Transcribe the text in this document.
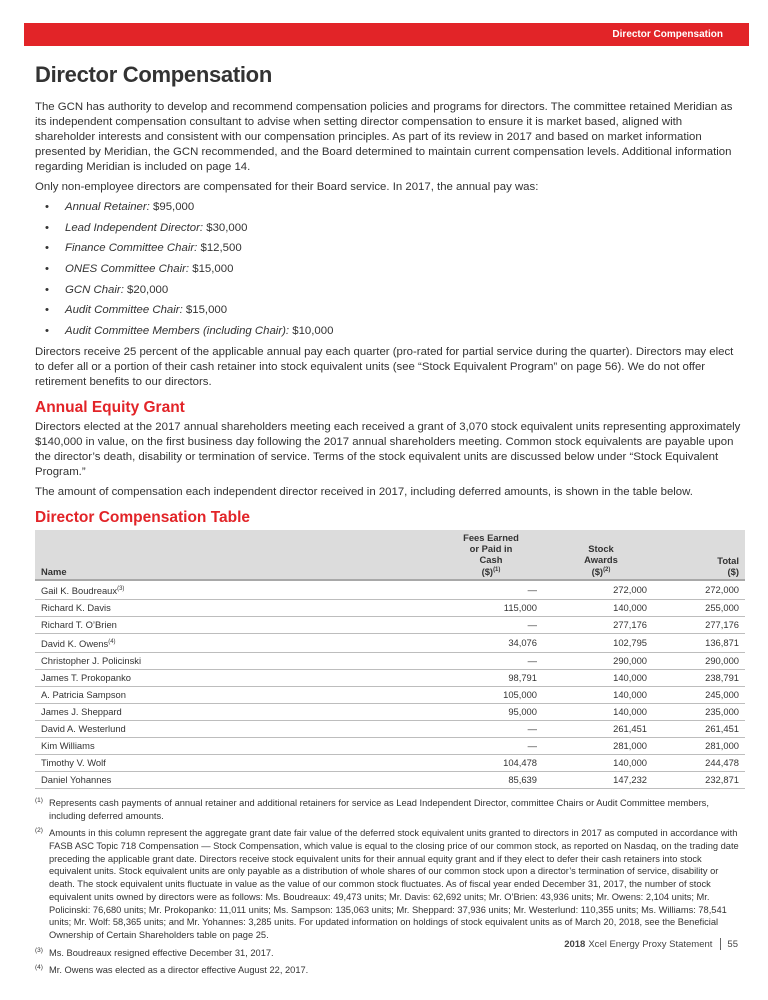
Director Compensation
Director Compensation

The GCN has authority to develop and recommend compensation policies and programs for directors. The committee retained Meridian as its independent compensation consultant to advise when setting director compensation to ensure it is market based, aligned with shareholder interests and consistent with our compensation principles. As part of its review in 2017 and based on market information presented by Meridian, the GCN recommended, and the Board determined to maintain current compensation levels. Additional information regarding Meridian is included on page 14.

Only non-employee directors are compensated for their Board service. In 2017, the annual pay was:

• Annual Retainer: $95,000
• Lead Independent Director: $30,000
• Finance Committee Chair: $12,500
• ONES Committee Chair: $15,000
• GCN Chair: $20,000
• Audit Committee Chair: $15,000
• Audit Committee Members (including Chair): $10,000

Directors receive 25 percent of the applicable annual pay each quarter (pro-rated for partial service during the quarter). Directors may elect to defer all or a portion of their cash retainer into stock equivalent units (see “Stock Equivalent Program” on page 56). We do not offer retirement benefits to our directors.

Annual Equity Grant

Directors elected at the 2017 annual shareholders meeting each received a grant of 3,070 stock equivalent units representing approximately $140,000 in value, on the first business day following the 2017 annual shareholders meeting. Common stock equivalents are payable upon the director’s death, disability or termination of service. Terms of the stock equivalent units are discussed below under “Stock Equivalent Program.”

The amount of compensation each independent director received in 2017, including deferred amounts, is shown in the table below.

Director Compensation Table
Name	Fees Earned
or Paid in
Cash
($)$^{(1)}$	Stock
Awards
($)$^{(2)}$	Total
($)
Gail K. Boudreaux$^{(3)}$	—	272,000	272,000
Richard K. Davis	115,000	140,000	255,000
Richard T. O’Brien	—	277,176	277,176
David K. Owens$^{(4)}$	34,076	102,795	136,871
Christopher J. Policinski	—	290,000	290,000
James T. Prokopanko	98,791	140,000	238,791
A. Patricia Sampson	105,000	140,000	245,000
James J. Sheppard	95,000	140,000	235,000
David A. Westerlund	—	261,451	261,451
Kim Williams	—	281,000	281,000
Timothy V. Wolf	104,478	140,000	244,478
Daniel Yohannes	85,639	147,232	232,871
(1) Represents cash payments of annual retainer and additional retainers for service as Lead Independent Director, committee Chairs or Audit Committee members, including deferred amounts.
(2) Amounts in this column represent the aggregate grant date fair value of the deferred stock equivalent units granted to directors in 2017 as computed in accordance with FASB ASC Topic 718 Compensation — Stock Compensation, which value is equal to the closing price of our common stock, as reported on Nasdaq, on the trading date preceding the applicable grant date. Directors receive stock equivalent units for their annual equity grant and if they elect to defer their cash retainers into stock equivalent units. Stock equivalent units are only payable as a distribution of whole shares of our common stock upon a director’s termination of service, disability or death. The stock equivalent units fluctuate in value as the value of our common stock fluctuates. As of fiscal year ended December 31, 2017, the number of stock equivalent units owned by directors were as follows: Ms. Boudreaux: 49,473 units; Mr. Davis: 62,692 units; Mr. O’Brien: 43,936 units; Mr. Owens: 2,104 units; Mr. Policinski: 76,680 units; Mr. Prokopanko: 11,011 units; Ms. Sampson: 135,063 units; Mr. Sheppard: 37,936 units; Mr. Westerlund: 110,355 units; Ms. Williams: 78,541 units; Mr. Wolf: 58,365 units; and Mr. Yohannes: 3,285 units. For updated information on holdings of stock equivalent units as of March 20, 2018, see the Beneficial Ownership of Certain Shareholders table on page 25.
(3) Ms. Boudreaux resigned effective December 31, 2017.
(4) Mr. Owens was elected as a director effective August 22, 2017.
2018 Xcel Energy Proxy Statement 55
